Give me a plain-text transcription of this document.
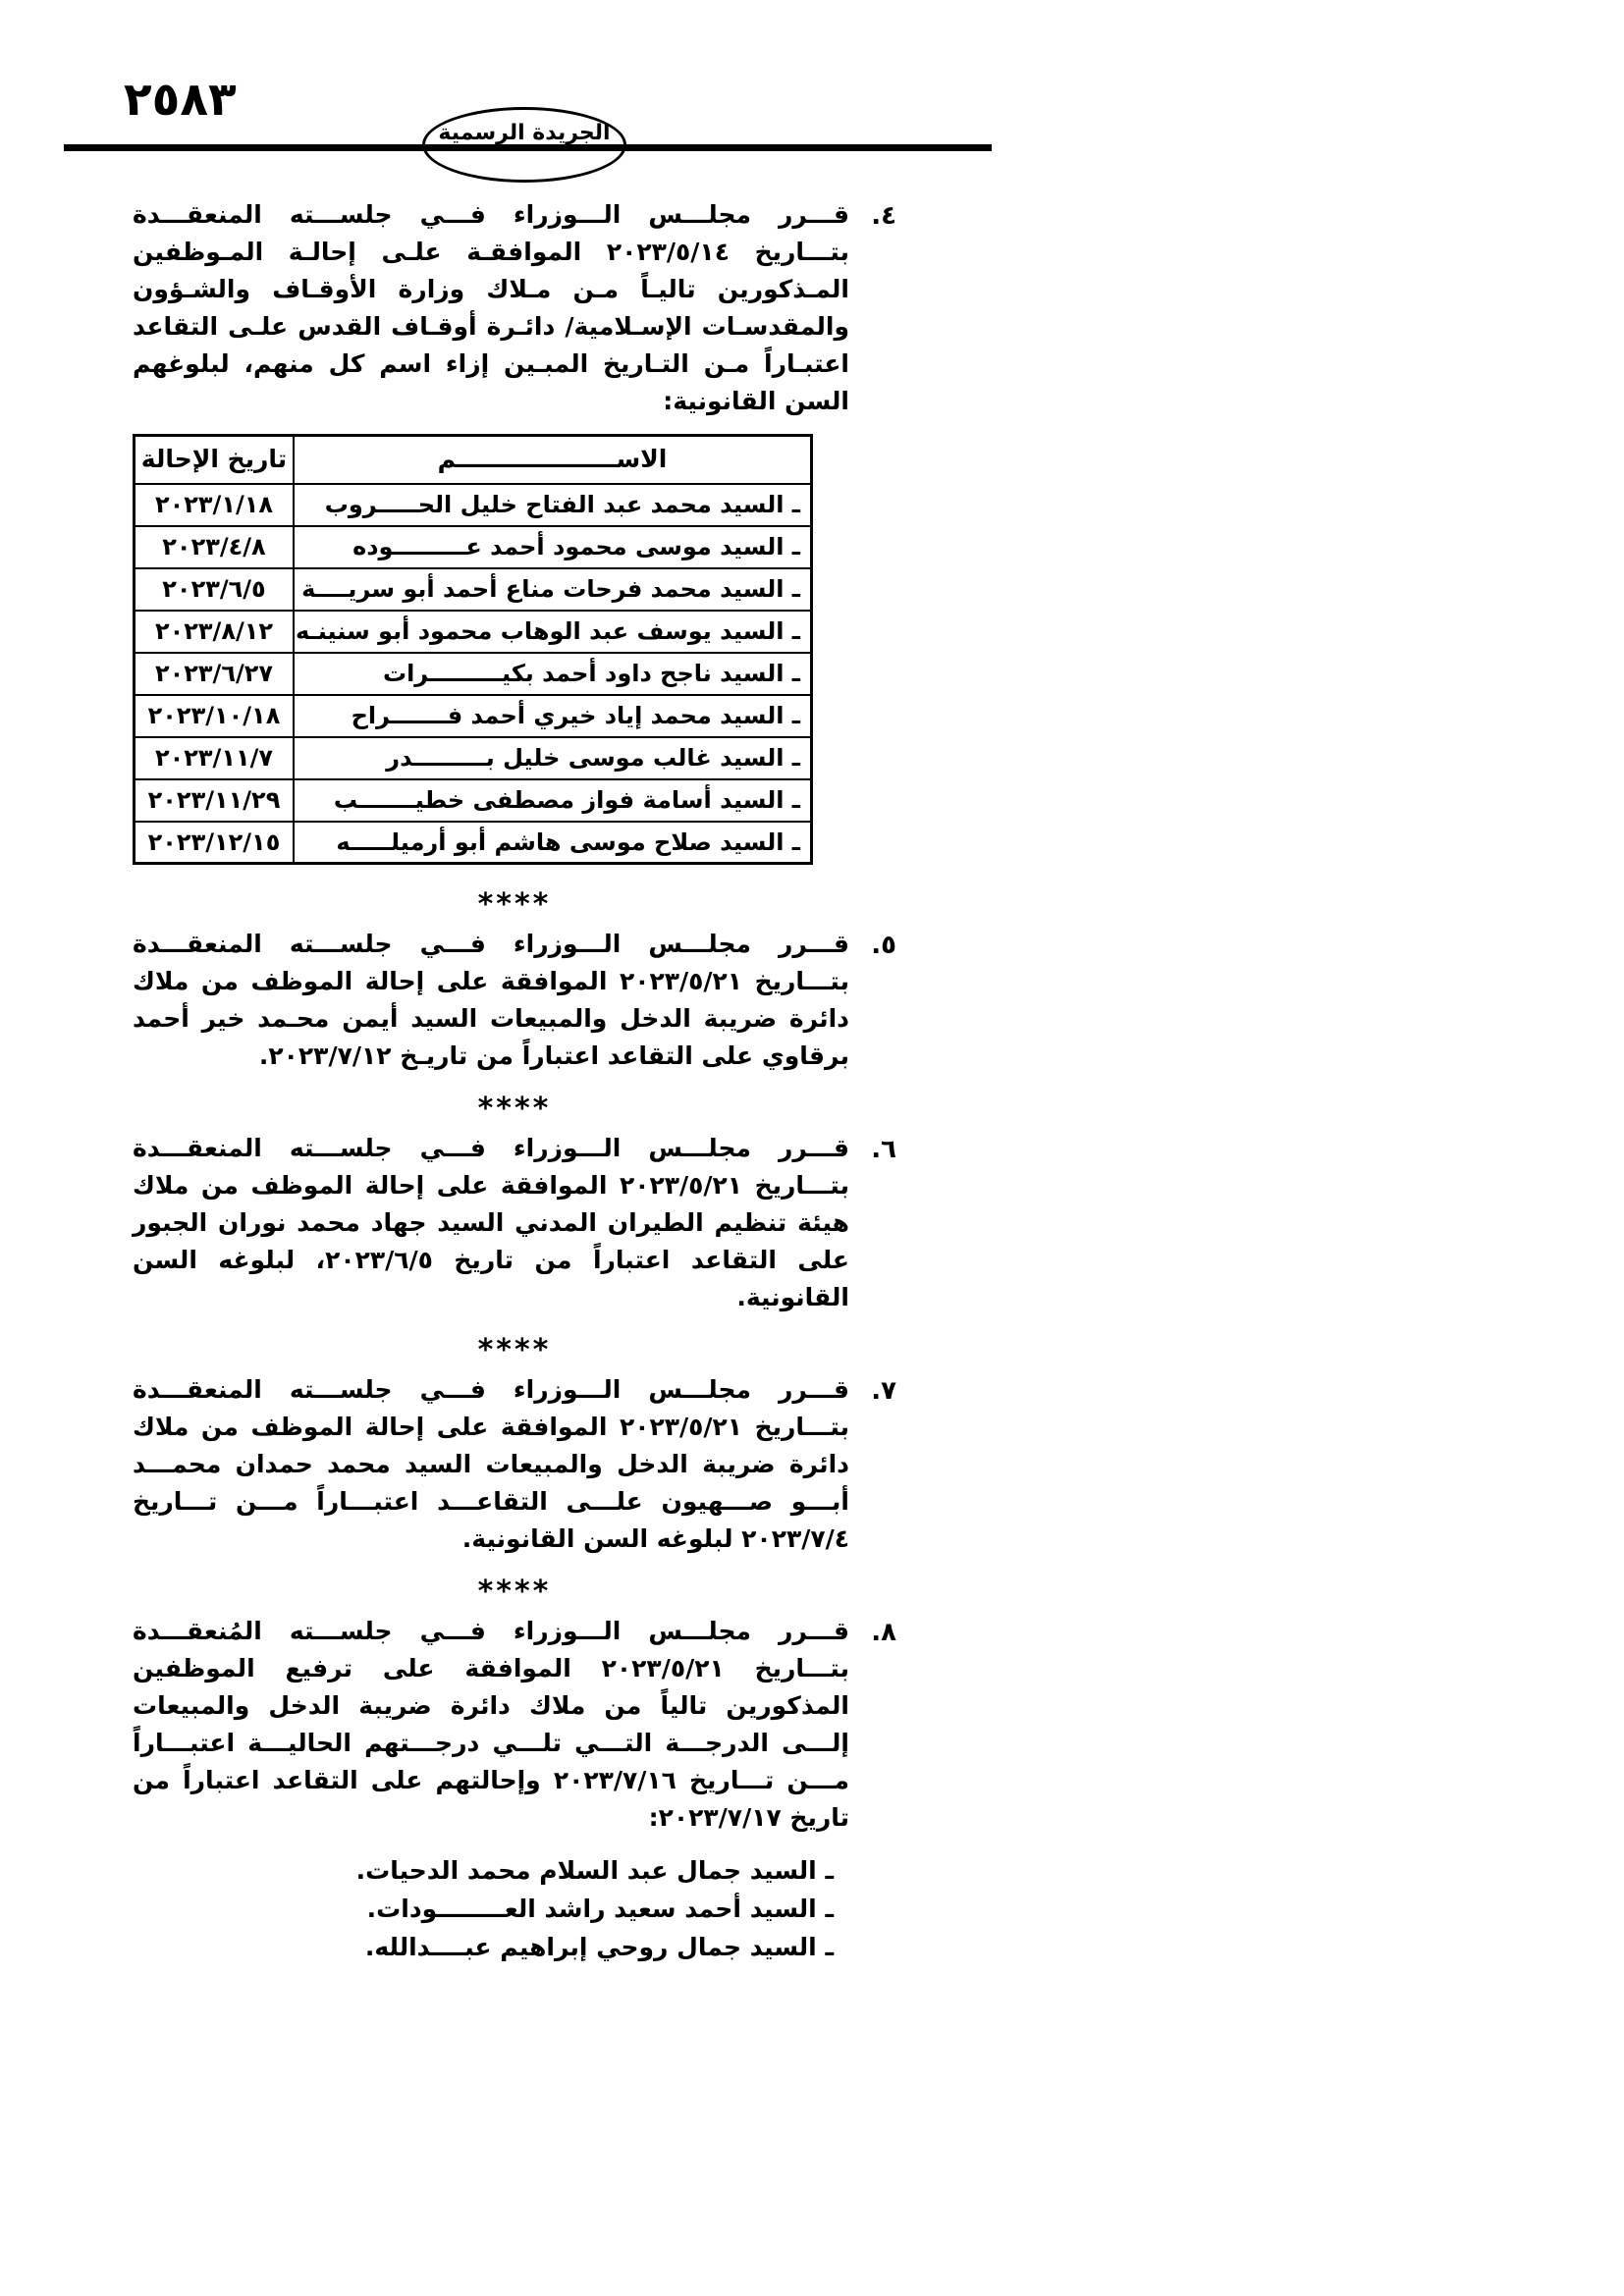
٢٥٨٣
الجريدة الرسمية
٤.
قـــرر مجلـــس الـــوزراء فـــي جلســـته المنعقـــدة بتـــاريخ ٢٠٢٣/٥/١٤ الموافقـة علـى إحالـة المـوظفين المـذكورين تاليـاً مـن مـلاك وزارة الأوقـاف والشـؤون والمقدسـات الإسـلامية/ دائـرة أوقـاف القدس علـى التقاعد اعتبـاراً مـن التـاريخ المبـين إزاء اسم كل منهم، لبلوغهم السن القانونية:
الاســـــــــــــــــــم	تاريخ الإحالة
ـ السيد محمد عبد الفتاح خليل الحـــــروب	٢٠٢٣/١/١٨
ـ السيد موسى محمود أحمد عـــــــــوده	٢٠٢٣/٤/٨
ـ السيد محمد فرحات مناع أحمد أبو سريــــة	٢٠٢٣/٦/٥
ـ السيد يوسف عبد الوهاب محمود أبو سنينـه	٢٠٢٣/٨/١٢
ـ السيد ناجح داود أحمد بكيـــــــــرات	٢٠٢٣/٦/٢٧
ـ السيد محمد إياد خيري أحمد فـــــــراح	٢٠٢٣/١٠/١٨
ـ السيد غالب موسى خليل بـــــــــدر	٢٠٢٣/١١/٧
ـ السيد أسامة فواز مصطفى خطيـــــــب	٢٠٢٣/١١/٢٩
ـ السيد صلاح موسى هاشم أبو أرميلـــــه	٢٠٢٣/١٢/١٥
****
٥.
قـــرر مجلـــس الـــوزراء فـــي جلســـته المنعقـــدة بتـــاريخ ٢٠٢٣/٥/٢١ الموافقة على إحالة الموظف من ملاك دائرة ضريبة الدخل والمبيعات السيد أيمن محـمد خير أحمد برقاوي على التقاعد اعتباراً من تاريـخ ٢٠٢٣/٧/١٢.
****
٦.
قـــرر مجلـــس الـــوزراء فـــي جلســـته المنعقـــدة بتـــاريخ ٢٠٢٣/٥/٢١ الموافقة على إحالة الموظف من ملاك هيئة تنظيم الطيران المدني السيد جهاد محمد نوران الجبور على التقاعد اعتباراً من تاريخ ٢٠٢٣/٦/٥، لبلوغه السن القانونية.
****
٧.
قـــرر مجلـــس الـــوزراء فـــي جلســـته المنعقـــدة بتـــاريخ ٢٠٢٣/٥/٢١ الموافقة على إحالة الموظف من ملاك دائرة ضريبة الدخل والمبيعات السيد محمد حمدان محمـــد أبـــو صـــهيون علـــى التقاعـــد اعتبـــاراً مـــن تـــاريخ ٢٠٢٣/٧/٤ لبلوغه السن القانونية.
****
٨.
قـــرر مجلـــس الـــوزراء فـــي جلســـته المُنعقـــدة بتـــاريخ ٢٠٢٣/٥/٢١ الموافقة على ترفيع الموظفين المذكورين تالياً من ملاك دائرة ضريبة الدخل والمبيعات إلـــى الدرجـــة التـــي تلـــي درجـــتهم الحاليـــة اعتبـــاراً مـــن تـــاريخ ٢٠٢٣/٧/١٦ وإحالتهم على التقاعد اعتباراً من تاريخ ٢٠٢٣/٧/١٧:
ـ السيد جمال عبد السلام محمد الدحيات.
ـ السيد أحمد سعيد راشد العــــــــودات.
ـ السيد جمال روحي إبراهيم عبــــدالله.
